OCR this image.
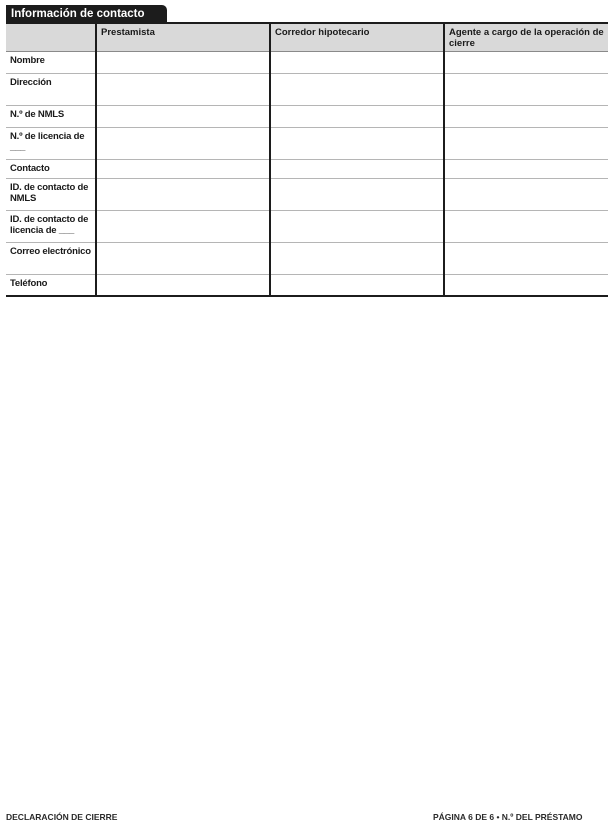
Información de contacto
	Prestamista	Corredor hipotecario	Agente a cargo de la operación de cierre
Nombre			
Dirección			
N.º de NMLS			
N.º de licencia de ___			
Contacto			
ID. de contacto de NMLS			
ID. de contacto de licencia de ___			
Correo electrónico			
Teléfono			
DECLARACIÓN DE CIERRE	PÁGINA 6 DE 6 • N.º DEL PRÉSTAMO
